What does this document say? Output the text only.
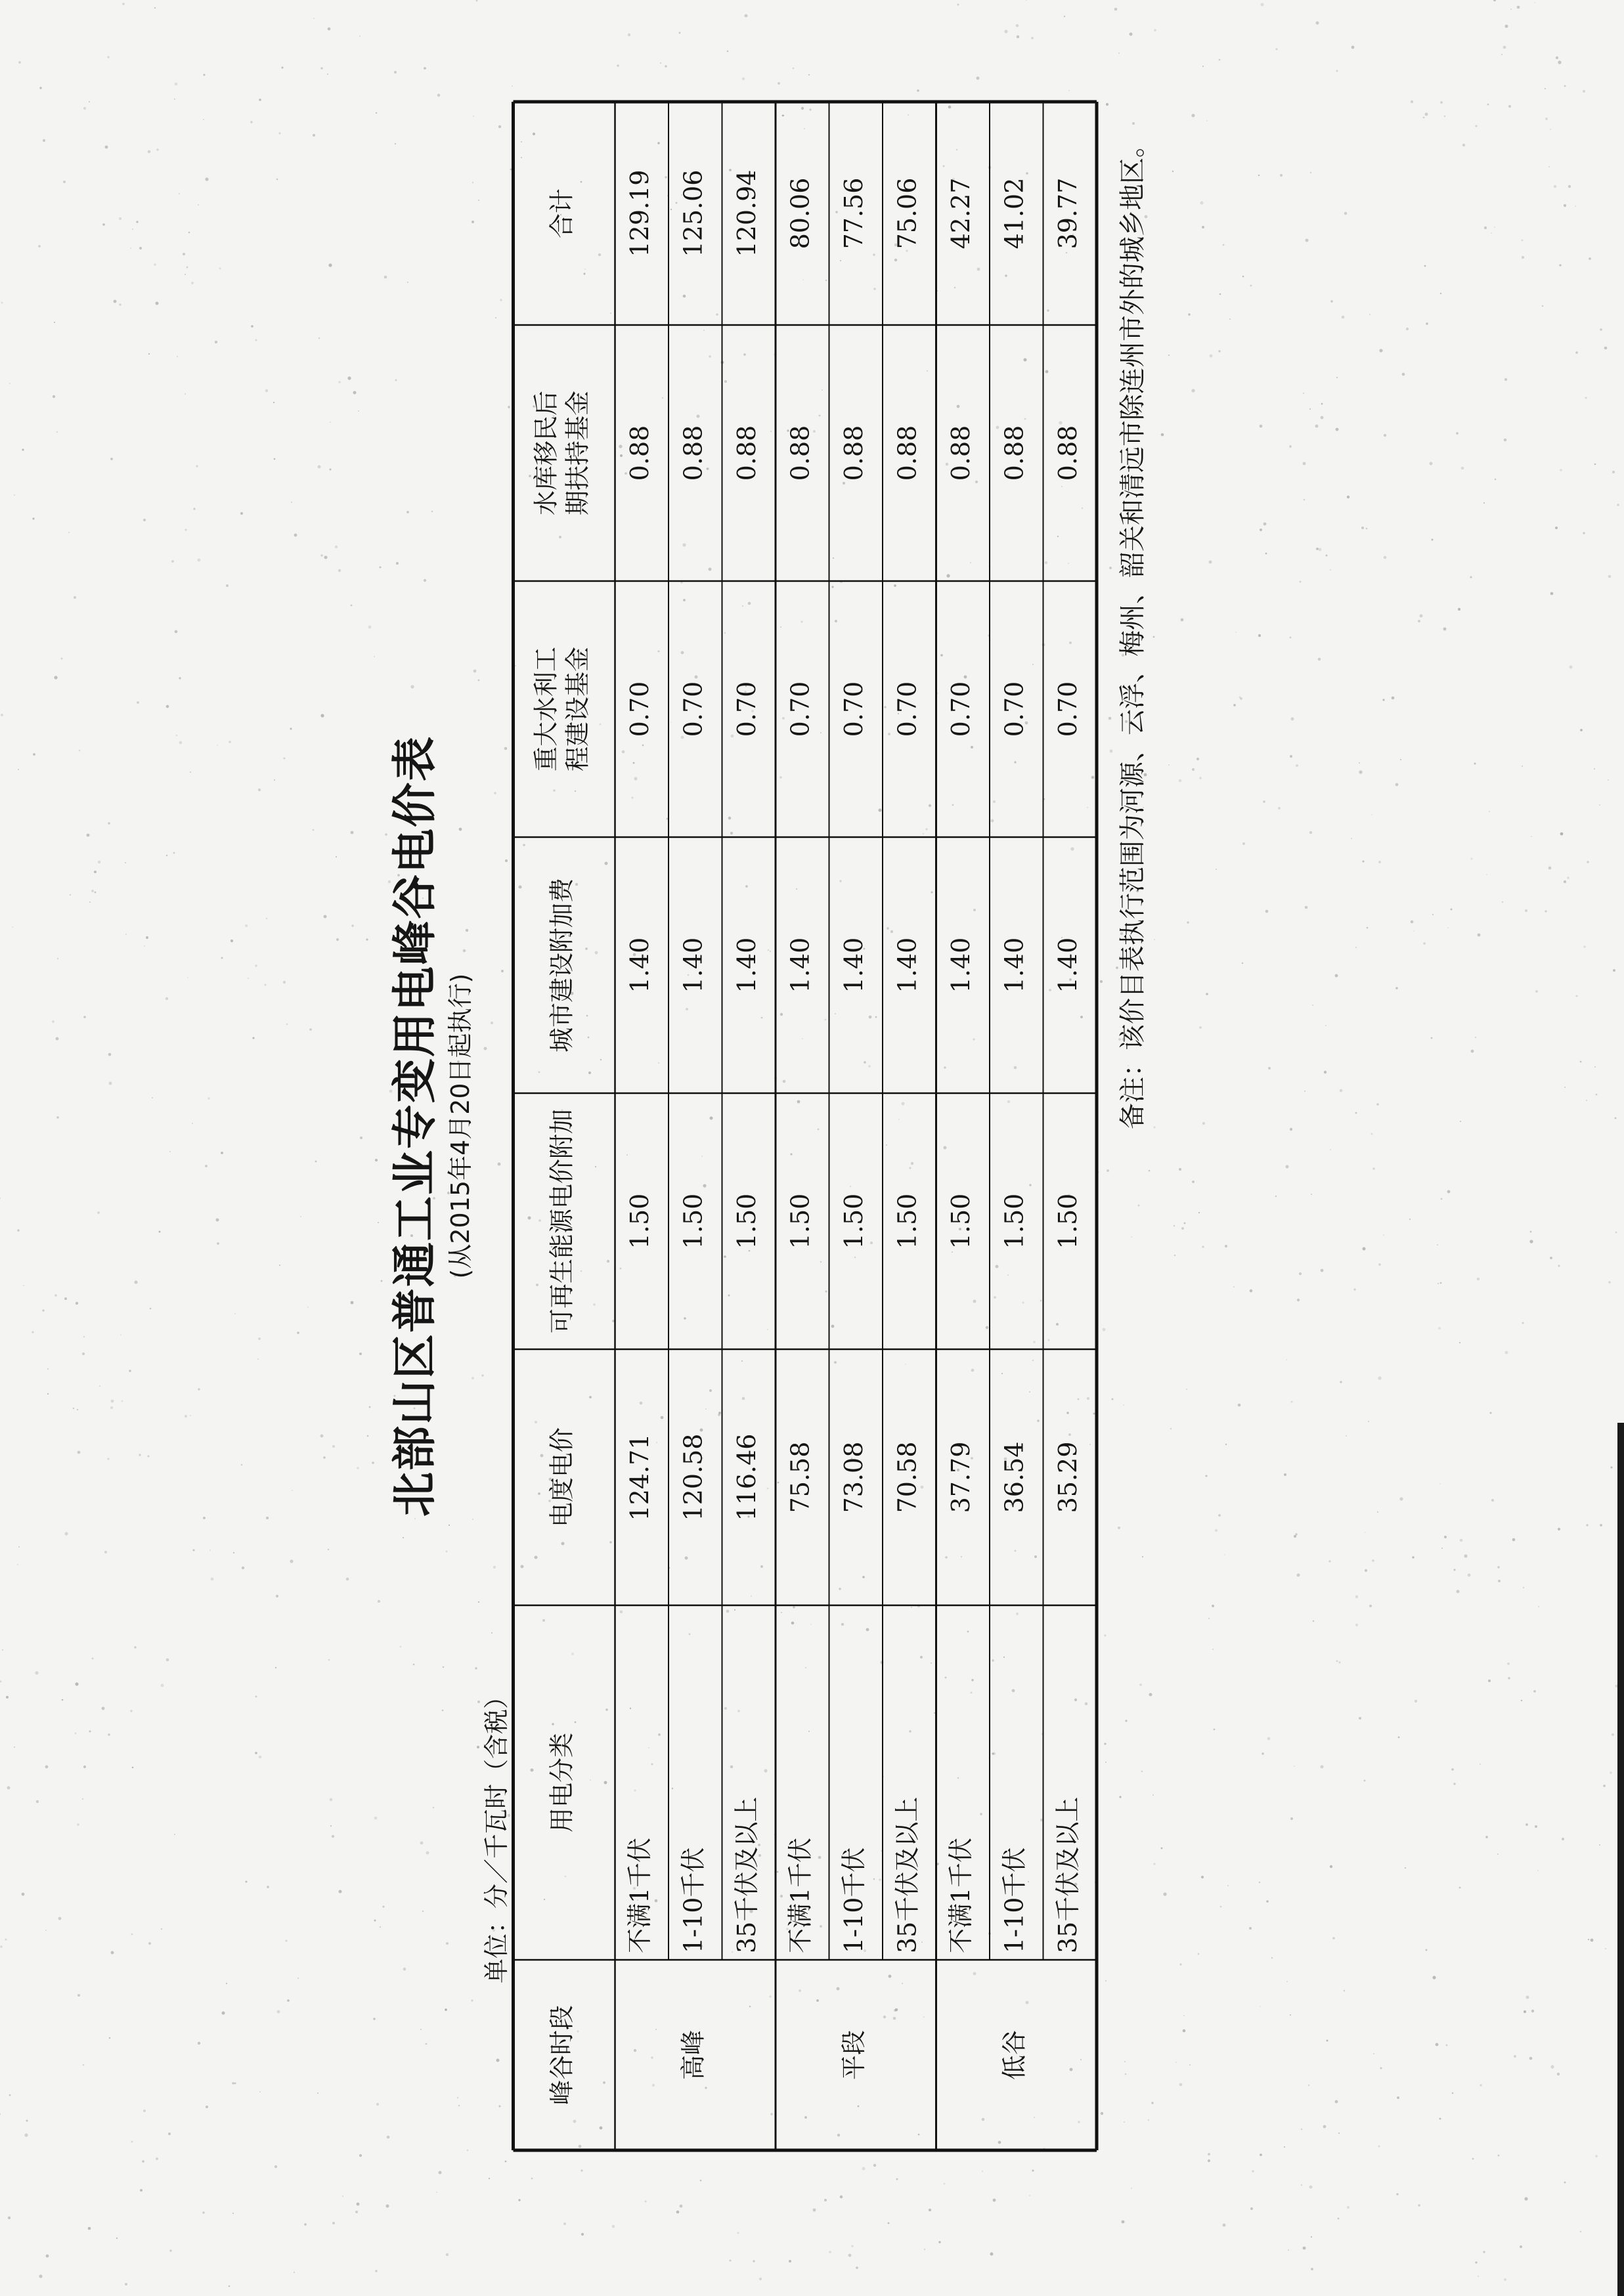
北部山区普通工业专变用电峰谷电价表 (从2015年4月20日起执行)
单位：分／千瓦时（含税）
峰谷时段
用电分类
电度电价
可再生能源电价附加
城市建设附加费
重大水利工 程建设基金
水库移民后 期扶持基金
合计
高峰
不满1千伏
124.71
1.50
1.40
0.70
0.88
129.19
1-10千伏
120.58
1.50
1.40
0.70
0.88
125.06
35千伏及以上
116.46
1.50
1.40
0.70
0.88
120.94
平段
不满1千伏
75.58
1.50
1.40
0.70
0.88
80.06
1-10千伏
73.08
1.50
1.40
0.70
0.88
77.56
35千伏及以上
70.58
1.50
1.40
0.70
0.88
75.06
低谷
不满1千伏
37.79
1.50
1.40
0.70
0.88
42.27
1-10千伏
36.54
1.50
1.40
0.70
0.88
41.02
35千伏及以上
35.29
1.50
1.40
0.70
0.88
39.77 备注：该价目表执行范围为河源、云浮、梅州、韶关和清远市除连州市外的城乡地区。
